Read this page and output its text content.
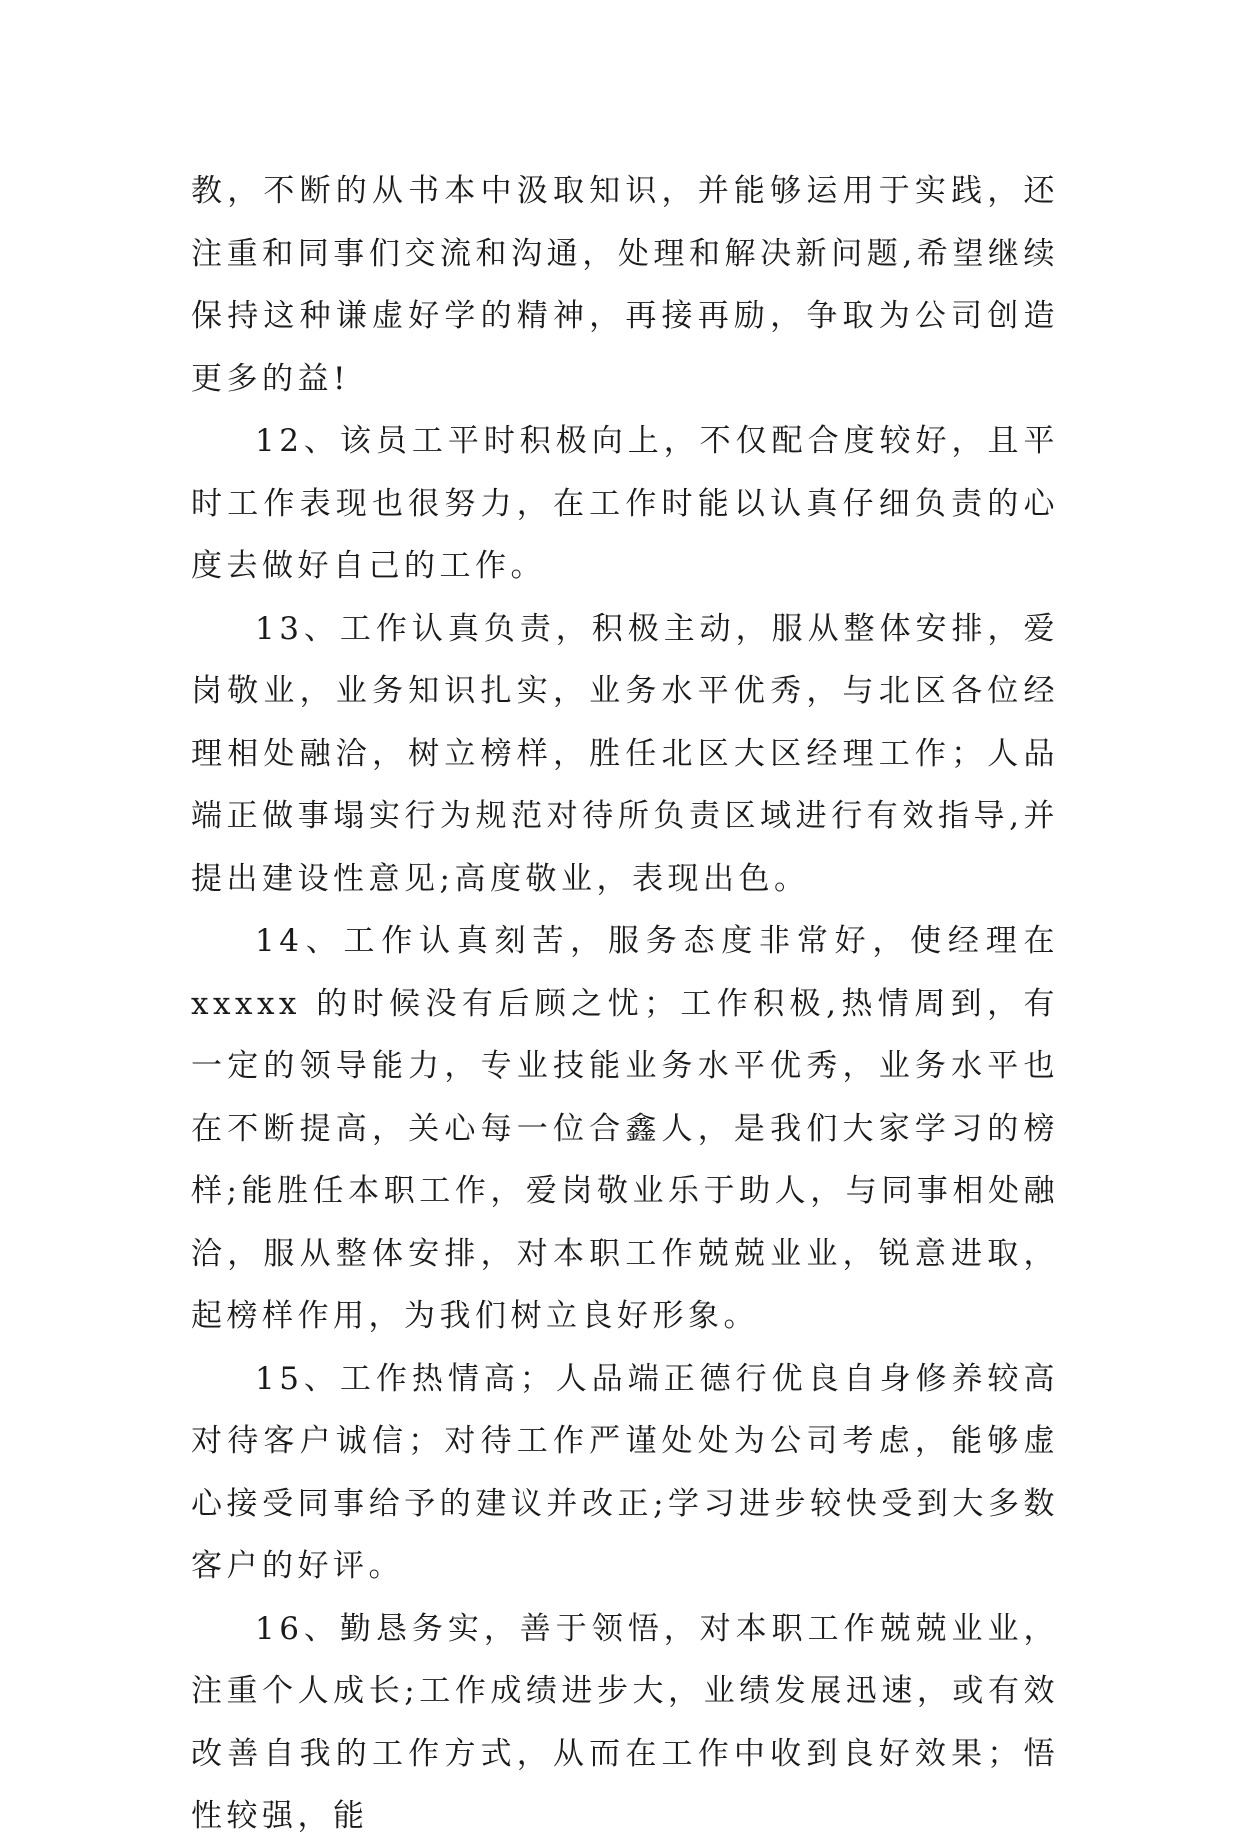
教，不断的从书本中汲取知识，并能够运用于实践，还注重和同事们交流和沟通，处理和解决新问题,希望继续保持这种谦虚好学的精神，再接再励，争取为公司创造更多的益!

12、该员工平时积极向上，不仅配合度较好，且平时工作表现也很努力，在工作时能以认真仔细负责的心度去做好自己的工作。

13、工作认真负责，积极主动，服从整体安排，爱岗敬业，业务知识扎实，业务水平优秀，与北区各位经理相处融洽，树立榜样，胜任北区大区经理工作；人品端正做事塌实行为规范对待所负责区域进行有效指导,并提出建设性意见;高度敬业，表现出色。

14、工作认真刻苦，服务态度非常好，使经理在 xxxxx 的时候没有后顾之忧；工作积极,热情周到，有一定的领导能力，专业技能业务水平优秀，业务水平也在不断提高，关心每一位合鑫人，是我们大家学习的榜样;能胜任本职工作，爱岗敬业乐于助人，与同事相处融洽，服从整体安排，对本职工作兢兢业业，锐意进取，起榜样作用，为我们树立良好形象。

15、工作热情高；人品端正德行优良自身修养较高对待客户诚信；对待工作严谨处处为公司考虑，能够虚心接受同事给予的建议并改正;学习进步较快受到大多数客户的好评。

16、勤恳务实，善于领悟，对本职工作兢兢业业，注重个人成长;工作成绩进步大，业绩发展迅速，或有效改善自我的工作方式，从而在工作中收到良好效果；悟性较强，能
